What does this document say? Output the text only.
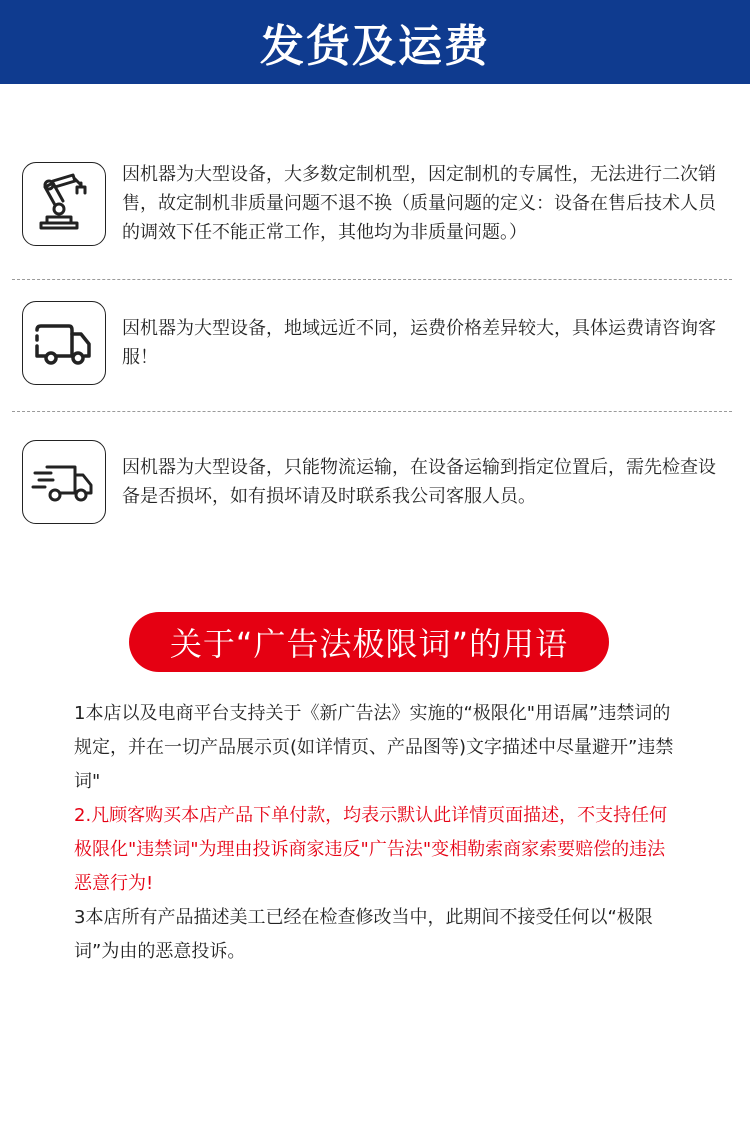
发货及运费
因机器为大型设备，大多数定制机型，因定制机的专属性，无法进行二次销售，故定制机非质量问题不退不换（质量问题的定义：设备在售后技术人员的调效下任不能正常工作，其他均为非质量问题。）
因机器为大型设备，地域远近不同，运费价格差异较大，具体运费请咨询客服！
因机器为大型设备，只能物流运输，在设备运输到指定位置后，需先检查设备是否损坏，如有损坏请及时联系我公司客服人员。
关于“广告法极限词”的用语

1本店以及电商平台支持关于《新广告法》实施的“极限化"用语属”违禁词的规定，并在一切产品展示页(如详情页、产品图等)文字描述中尽量避开”违禁词"

2.凡顾客购买本店产品下单付款，均表示默认此详情页面描述，不支持任何极限化"违禁词"为理由投诉商家违反"广告法"变相勒索商家索要赔偿的违法恶意行为!

3本店所有产品描述美工已经在检查修改当中，此期间不接受任何以“极限词”为由的恶意投诉。
